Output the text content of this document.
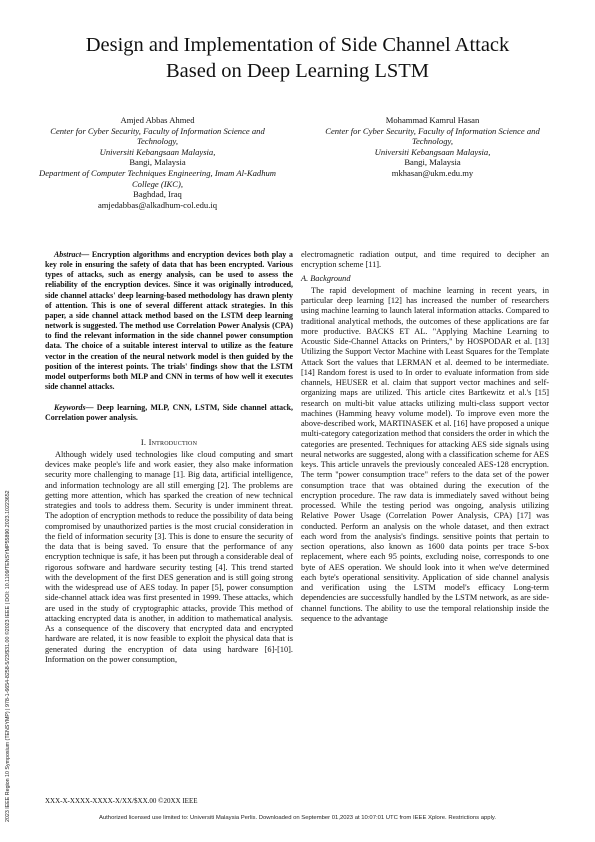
Design and Implementation of Side Channel Attack
Based on Deep Learning LSTM
Amjed Abbas Ahmed
Center for Cyber Security, Faculty of Information Science and Technology,
Universiti Kebangsaan Malaysia,
Bangi, Malaysia
Department of Computer Techniques Engineering, Imam Al-Kadhum College (IKC),
Baghdad, Iraq
amjedabbas@alkadhum-col.edu.iq
Mohammad Kamrul Hasan
Center for Cyber Security, Faculty of Information Science and Technology,
Universiti Kebangsaan Malaysia,
Bangi, Malaysia
mkhasan@ukm.edu.my

Abstract— Encryption algorithms and encryption devices both play a key role in ensuring the safety of data that has been encrypted. Various types of attacks, such as energy analysis, can be used to assess the reliability of the encryption devices. Since it was originally introduced, side channel attacks' deep learning-based methodology has drawn plenty of attention. This is one of several different attack strategies. In this paper, a side channel attack method based on the LSTM deep learning network is suggested. The method use Correlation Power Analysis (CPA) to find the relevant information in the side channel power consumption data. The choice of a suitable interest interval to utilize as the feature vector in the creation of the neural network model is then guided by the position of the interest points. The trials' findings show that the LSTM model outperforms both MLP and CNN in terms of how well it executes side channel attacks.

Keywords— Deep learning, MLP, CNN, LSTM, Side channel attack, Correlation power analysis.

I. Introduction

Although widely used technologies like cloud computing and smart devices make people's life and work easier, they also make information security more challenging to manage [1]. Big data, artificial intelligence, and information technology are all still emerging [2]. The problems are getting more attention, which has sparked the creation of new technical strategies and tools to address them. Security is under imminent threat. The adoption of encryption methods to reduce the possibility of data being compromised by unauthorized parties is the most crucial consideration in the field of information security [3]. This is done to ensure the security of the data that is being saved. To ensure that the performance of any encryption technique is safe, it has been put through a considerable deal of rigorous software and hardware security testing [4]. This trend started with the development of the first DES generation and is still going strong with the widespread use of AES today. In paper [5], power consumption side-channel attack idea was first presented in 1999. These attacks, which are used in the study of cryptographic attacks, provide This method of attacking encrypted data is another, in addition to mathematical analysis. As a consequence of the discovery that encrypted data and encrypted hardware are related, it is now feasible to exploit the physical data that is generated during the encryption of data using hardware [6]-[10]. Information on the power consumption,

electromagnetic radiation output, and time required to decipher an encryption scheme [11].

A. Background

The rapid development of machine learning in recent years, in particular deep learning [12] has increased the number of researchers using machine learning to launch lateral information attacks. Compared to traditional analytical methods, the outcomes of these applications are far more productive. BACKS ET AL. "Applying Machine Learning to Acoustic Side-Channel Attacks on Printers," by HOSPODAR et al. [13] Utilizing the Support Vector Machine with Least Squares for the Template Attack Sort the values that LERMAN et al. deemed to be intermediate. [14] Random forest is used to In order to evaluate information from side channels, HEUSER et al. claim that support vector machines and self-organizing maps are utilized. This article cites Bartkewitz et al.'s [15] research on multi-bit value attacks utilizing multi-class support vector machines (Hamming heavy volume model). To improve even more the above-described work, MARTINASEK et al. [16] have proposed a unique multi-category categorization method that considers the order in which the categories are presented. Techniques for attacking AES side signals using neural networks are suggested, along with a classification scheme for AES keys. This article unravels the previously concealed AES-128 encryption. The term "power consumption trace" refers to the data set of the power consumption trace that was obtained during the execution of the encryption procedure. The raw data is immediately saved without being processed. While the testing period was ongoing, analysis utilizing Relative Power Usage (Correlation Power Analysis, CPA) [17] was conducted. Perform an analysis on the whole dataset, and then extract each word from the analysis's findings. sensitive points that pertain to section operations, also known as 1600 data points per trace S-box replacement, where each 95 points, excluding noise, corresponds to one byte of AES operation. We should look into it when we've determined each byte's operational sensitivity. Application of side channel analysis and verification using the LSTM model's efficacy Long-term dependencies are successfully handled by the LSTM network, as are side-channel functions. The ability to use the temporal relationship inside the sequence to the advantage

2023 IEEE Region 10 Symposium (TENSYMP) | 978-1-6654-8258-5/23/$31.00 ©2023 IEEE | DOI: 10.1109/TENSYMP55890.2023.10223652	XXX-X-XXXX-XXXX-X/XX/$XX.00 ©20XX IEEE
Authorized licensed use limited to: Universiti Malaysia Perlis. Downloaded on September 01,2023 at 10:07:01 UTC from IEEE Xplore. Restrictions apply.
